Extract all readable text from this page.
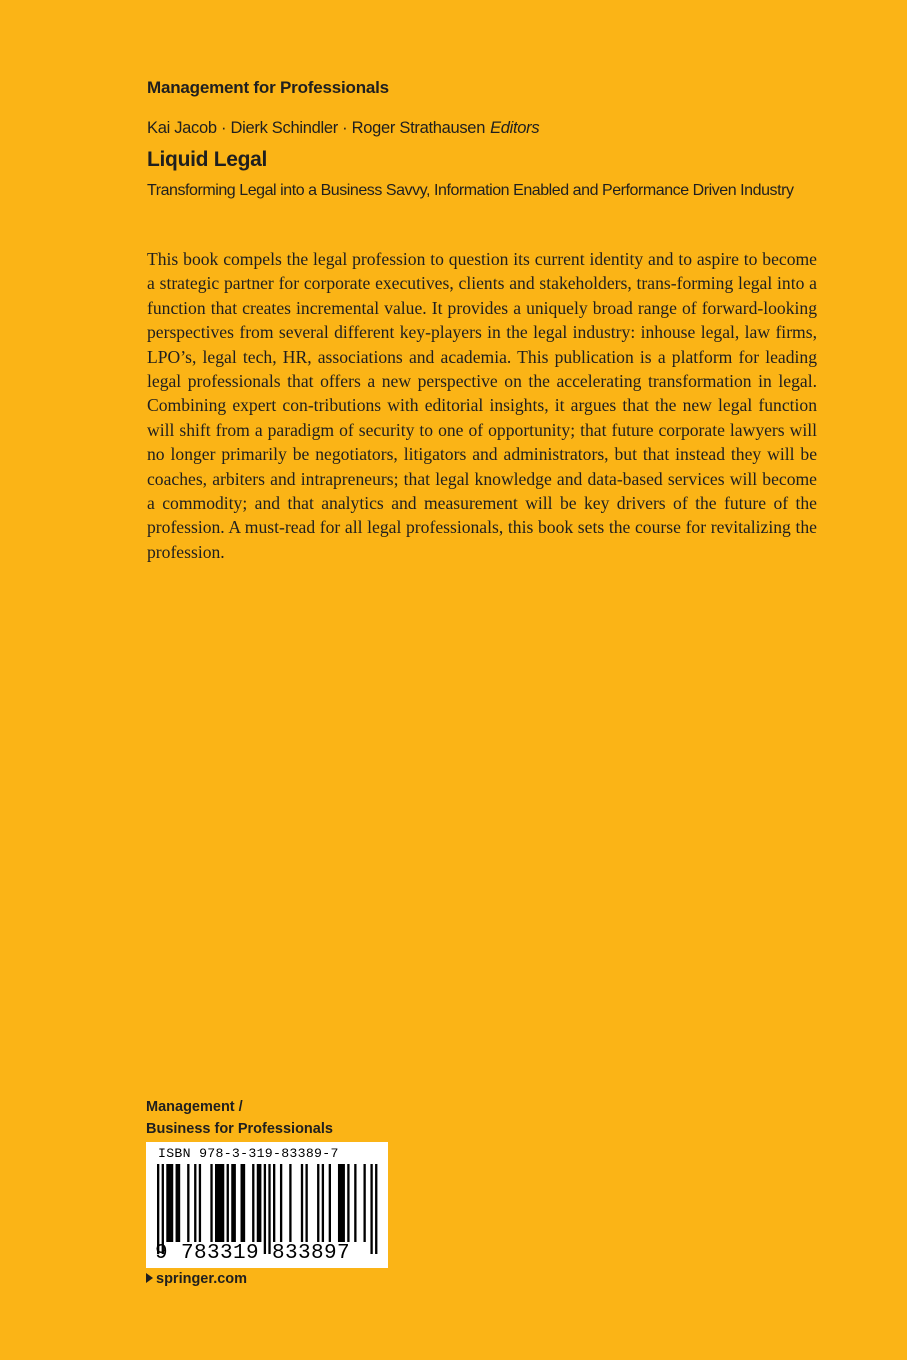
Management for Professionals
Kai Jacob · Dierk Schindler · Roger Strathausen Editors
Liquid Legal
Transforming Legal into a Business Savvy, Information Enabled and Performance Driven Industry

This book compels the legal profession to question its current identity and to aspire to become a strategic partner for corporate executives, clients and stakeholders, trans-​forming legal into a function that creates incremental value. It provides a uniquely broad range of forward-looking perspectives from several different key-players in the legal industry: inhouse legal, law firms, LPO’s, legal tech, HR, associations and academia. This publication is a platform for leading legal professionals that offers a new perspective on the accelerating transformation in legal. Combining expert con-​tributions with editorial insights, it argues that the new legal function will shift from a paradigm of security to one of opportunity; that future corporate lawyers will no longer primarily be negotiators, litigators and administrators, but that instead they will be coaches, arbiters and intrapreneurs; that legal knowledge and data-based services will become a commodity; and that analytics and measurement will be key drivers of the future of the profession. A must-read for all legal professionals, this book sets the course for revitalizing the profession.

Management /
Business for Professionals
ISBN 978-3-319-83389-7
9 783319 833897
springer.com
